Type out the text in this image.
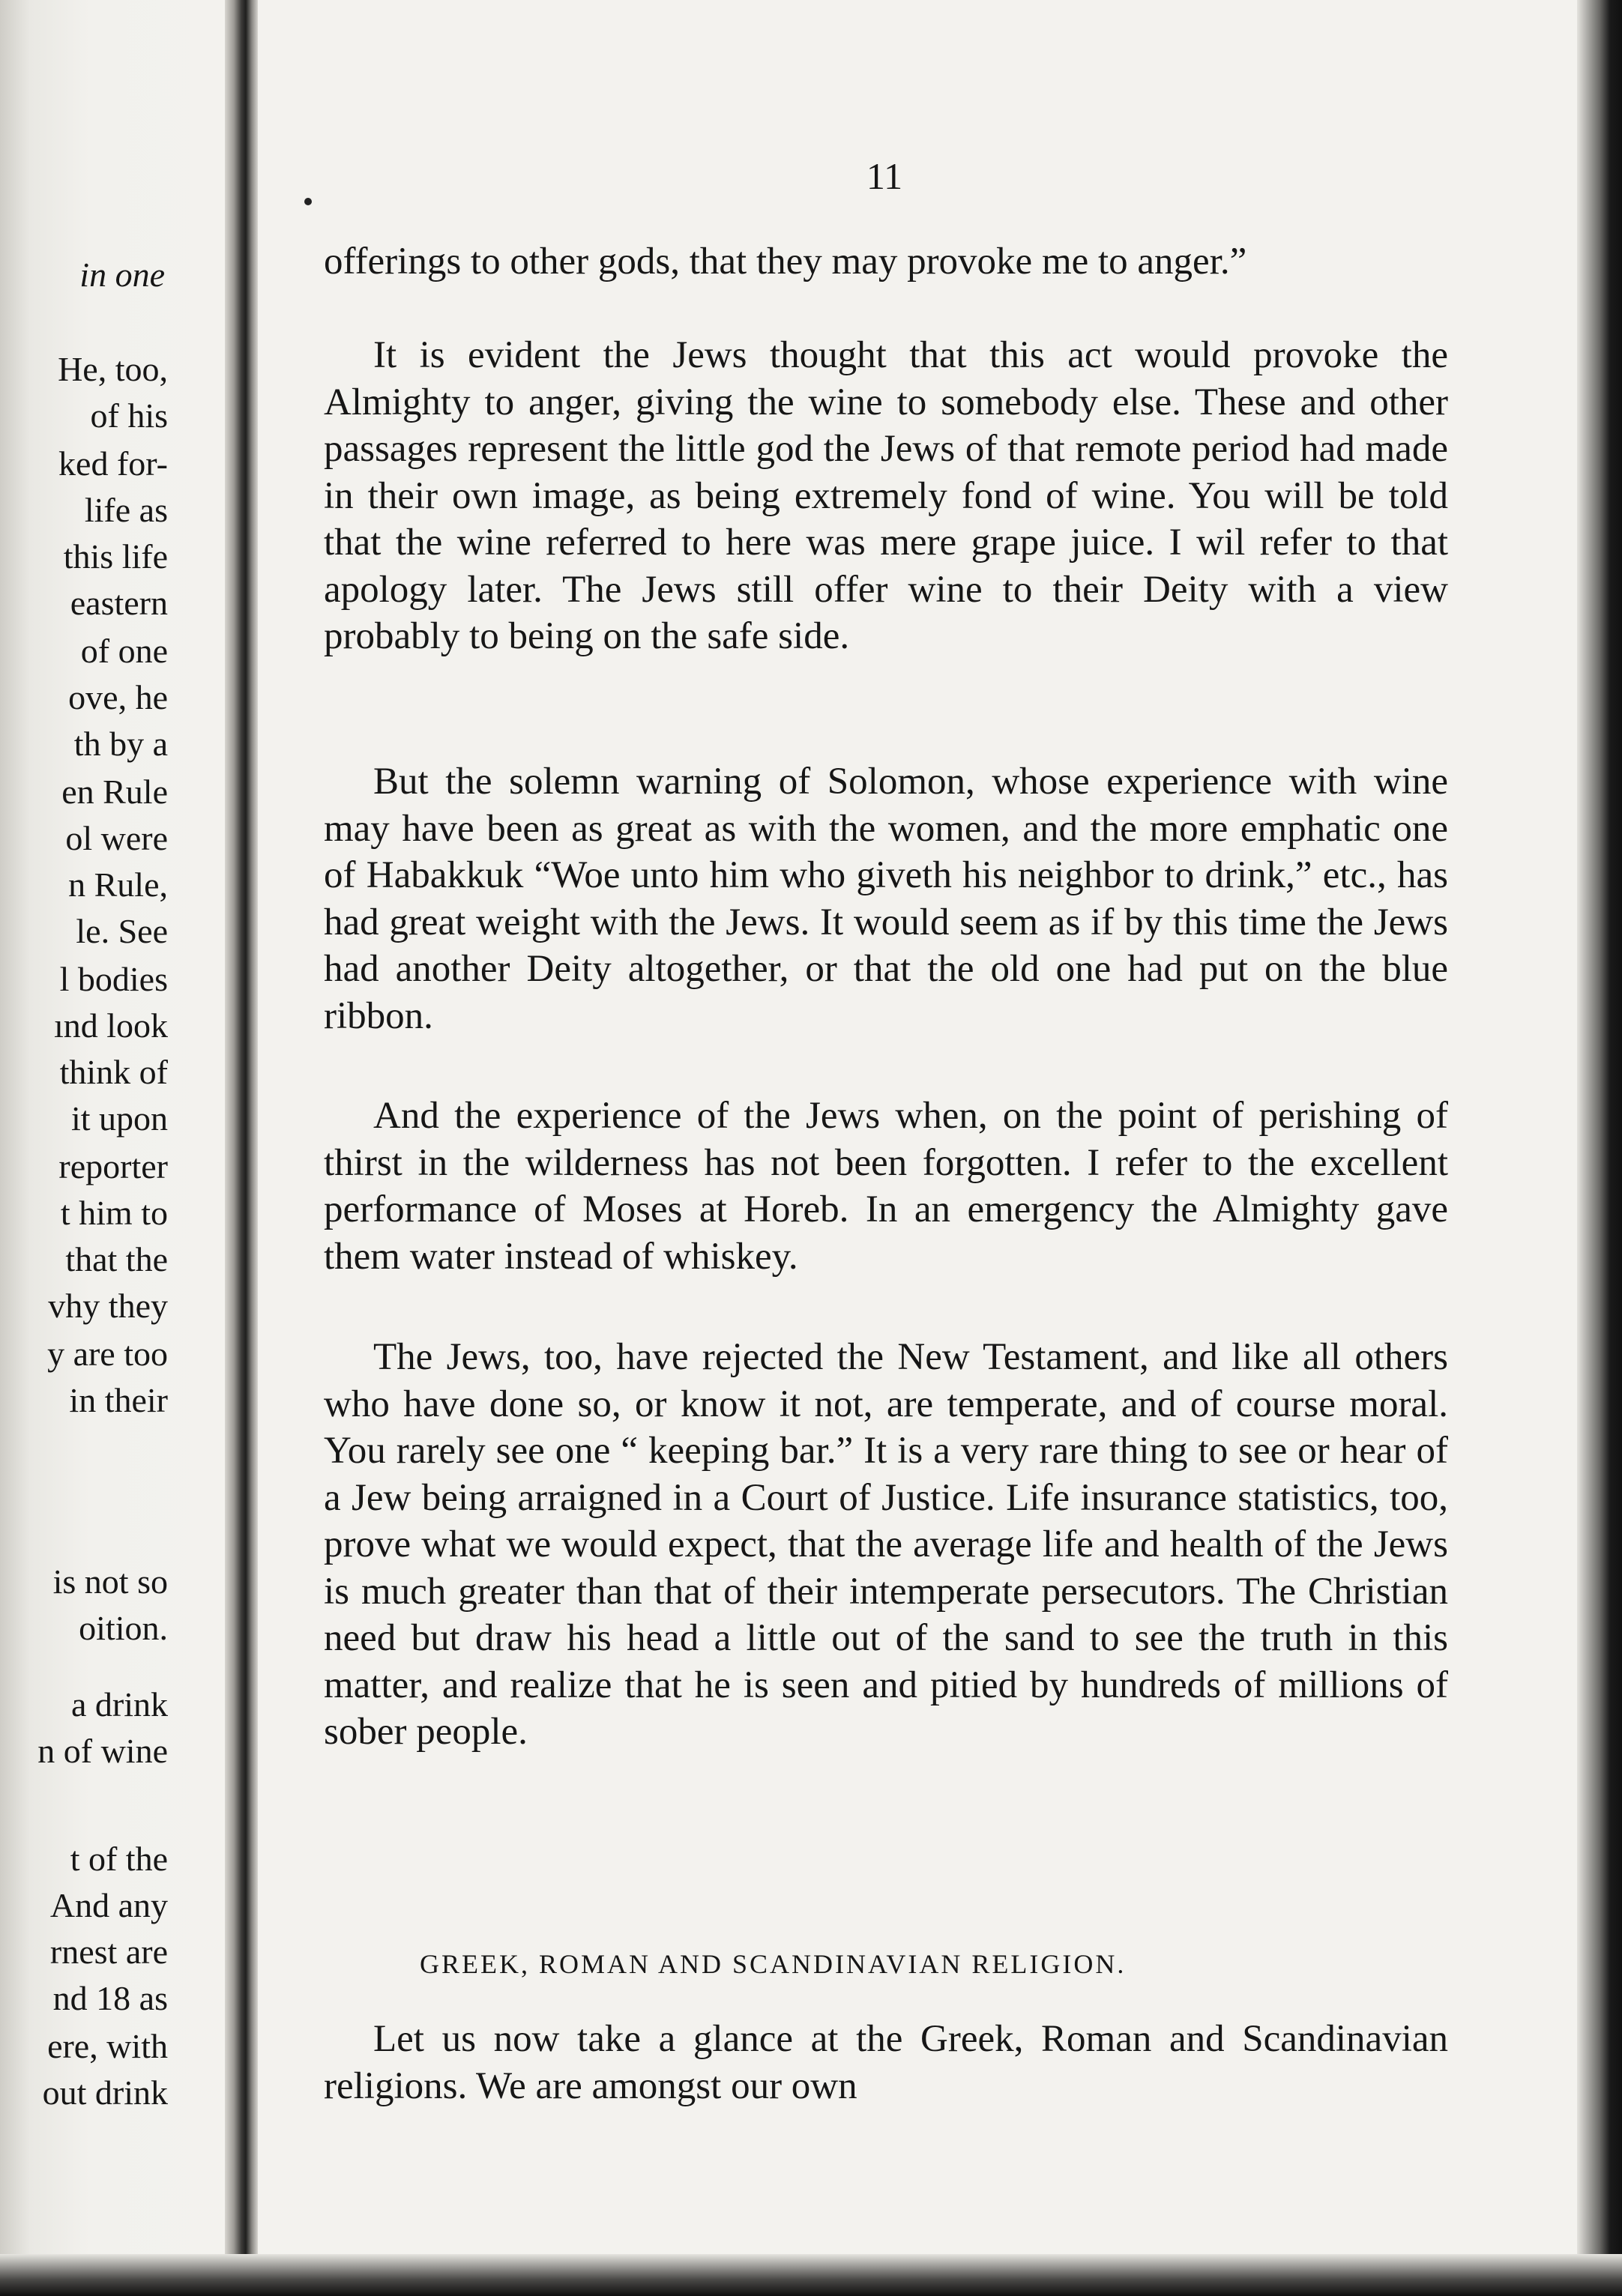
in one
He, too,
of his
ked for-
life as
this life
eastern
of one
ove, he
th by a
en Rule
ol were
n Rule,
le. See
l bodies
ınd look
think of
it upon
reporter
t him to
that the
vhy they
y are too
in their
is not so
oition.
a drink
n of wine
t of the
And any
rnest are
nd 18 as
ere, with
out drink
11
offerings to other gods, that they may provoke me to anger.”
It is evident the Jews thought that this act would provoke the Almighty to anger, giving the wine to somebody else. These and other passages represent the little god the Jews of that remote period had made in their own image, as being extremely fond of wine. You will be told that the wine referred to here was mere grape juice. I wil refer to that apology later. The Jews still offer wine to their Deity with a view probably to being on the safe side.
But the solemn warning of Solomon, whose experience with wine may have been as great as with the women, and the more emphatic one of Habakkuk “Woe unto him who giveth his neighbor to drink,” etc., has had great weight with the Jews. It would seem as if by this time the Jews had another Deity altogether, or that the old one had put on the blue ribbon.
And the experience of the Jews when, on the point of perishing of thirst in the wilderness has not been forgotten. I refer to the excellent performance of Moses at Horeb. In an emergency the Almighty gave them water instead of whiskey.
The Jews, too, have rejected the New Testament, and like all others who have done so, or know it not, are temperate, and of course moral. You rarely see one “ keeping bar.” It is a very rare thing to see or hear of a Jew being arraigned in a Court of Justice. Life insurance statistics, too, prove what we would expect, that the average life and health of the Jews is much greater than that of their intemperate persecutors. The Christian need but draw his head a little out of the sand to see the truth in this matter, and realize that he is seen and pitied by hundreds of millions of sober people.
GREEK, ROMAN AND SCANDINAVIAN RELIGION.
Let us now take a glance at the Greek, Roman and Scandinavian religions. We are amongst our own
